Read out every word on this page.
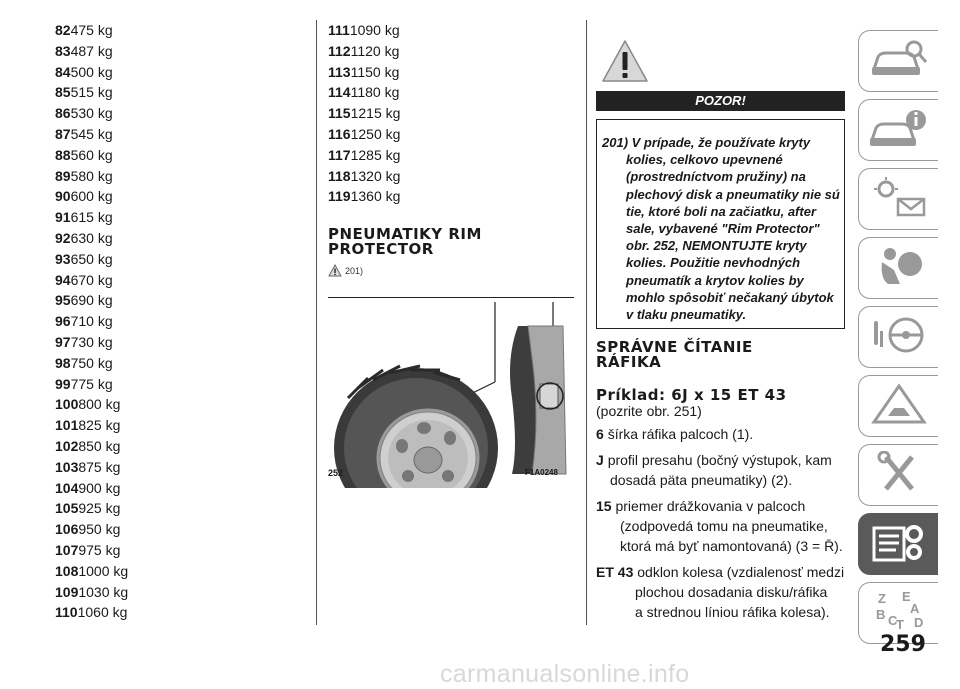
82475 kg
83487 kg
84500 kg
85515 kg
86530 kg
87545 kg
88560 kg
89580 kg
90600 kg
91615 kg
92630 kg
93650 kg
94670 kg
95690 kg
96710 kg
97730 kg
98750 kg
99775 kg
100800 kg
101825 kg
102850 kg
103875 kg
104900 kg
105925 kg
106950 kg
107975 kg
1081000 kg
1091030 kg
1101060 kg
1111090 kg
1121120 kg
1131150 kg
1141180 kg
1151215 kg
1161250 kg
1171285 kg
1181320 kg
1191360 kg
PNEUMATIKY RIM
PROTECTOR
201)
252	F1A0248
POZOR!
201) V prípade, že používate kryty
kolies, celkovo upevnené
(prostredníctvom pružiny) na
plechový disk a pneumatiky nie sú
tie, ktoré boli na začiatku, after
sale, vybavené "Rim Protector"
obr. 252, NEMONTUJTE kryty
kolies. Použitie nevhodných
pneumatík a krytov kolies by
mohlo spôsobiť nečakaný úbytok
v tlaku pneumatiky.
SPRÁVNE ČÍTANIE
RÁFIKA
Príklad: 6J x 15 ET 43
(pozrite obr. 251)
6 šírka ráfika palcoch (1).
J profil presahu (bočný výstupok, kam
dosadá päta pneumatiky) (2).
15 priemer drážkovania v palcoch
(zodpovedá tomu na pneumatike,
ktorá má byť namontovaná) (3 = R̄).
ET 43 odklon kolesa (vzdialenosť medzi
plochou dosadania disku/ráfika
a strednou líniou ráfika kolesa).
Z E
A
B C
T D
259
carmanualsonline.info
